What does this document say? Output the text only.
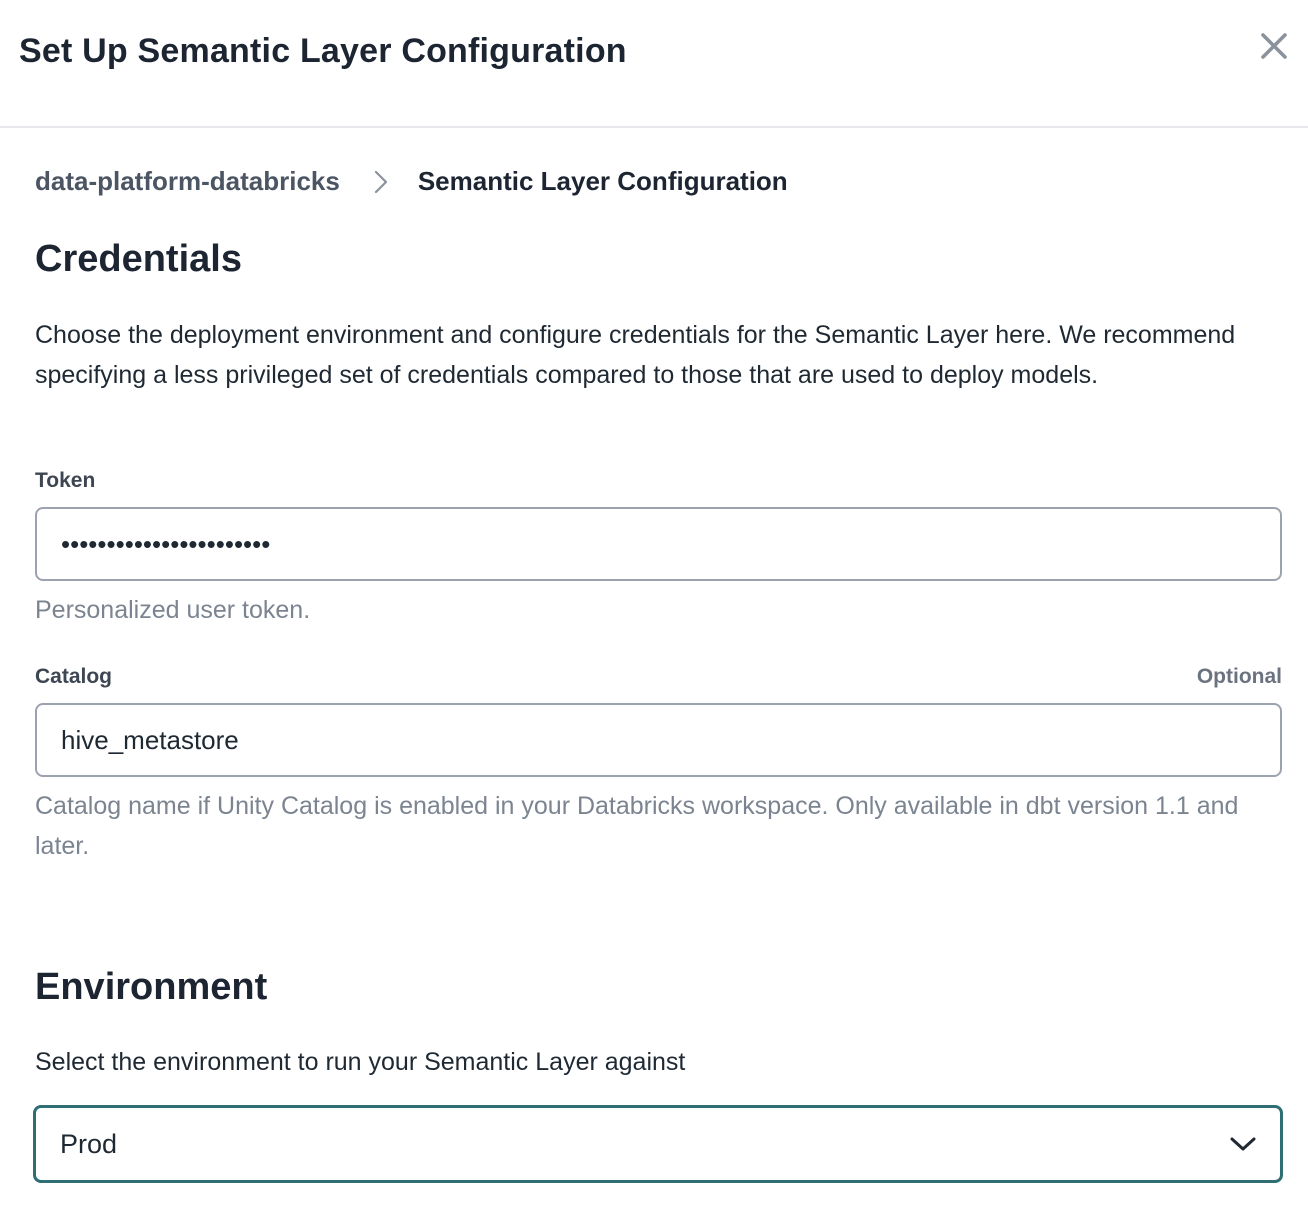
Set Up Semantic Layer Configuration
data-platform-databricks	Semantic Layer Configuration
Credentials

Choose the deployment environment and configure credentials for the Semantic Layer here. We recommend specifying a less privileged set of credentials compared to those that are used to deploy models.

Token
•••••••••••••••••••••••

Personalized user token.

Catalog	Optional
hive_metastore

Catalog name if Unity Catalog is enabled in your Databricks workspace. Only available in dbt version 1.1 and later.

Environment

Select the environment to run your Semantic Layer against

Prod
